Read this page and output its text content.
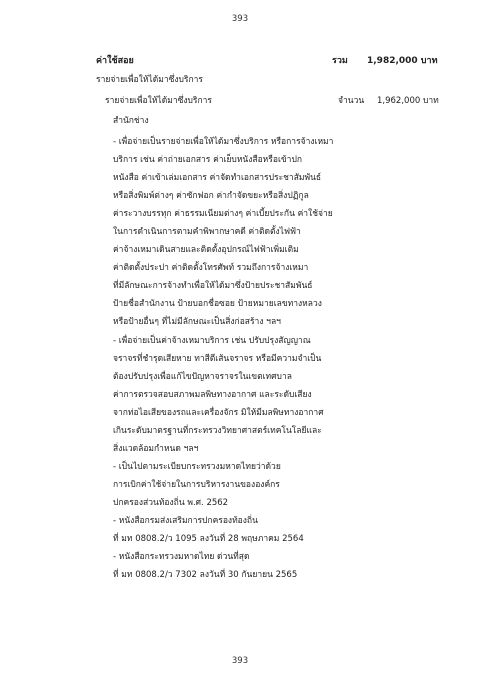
393
ค่าใช้สอย	รวม 1,982,000 บาท
รายจ่ายเพื่อให้ได้มาซึ่งบริการ
รายจ่ายเพื่อให้ได้มาซึ่งบริการ	จำนวน 1,962,000 บาท
สำนักช่าง
- เพื่อจ่ายเป็นรายจ่ายเพื่อให้ได้มาซึ่งบริการ หรือการจ้างเหมา
บริการ เช่น ค่าถ่ายเอกสาร ค่าเย็บหนังสือหรือเข้าปก
หนังสือ ค่าเข้าเล่มเอกสาร ค่าจัดทำเอกสารประชาสัมพันธ์
หรือสิ่งพิมพ์ต่างๆ ค่าซักฟอก ค่ากำจัดขยะหรือสิ่งปฏิกูล
ค่าระวางบรรทุก ค่าธรรมเนียมต่างๆ ค่าเบี้ยประกัน ค่าใช้จ่าย
ในการดำเนินการตามคำพิพากษาคดี ค่าติดตั้งไฟฟ้า
ค่าจ้างเหมาเดินสายและติดตั้งอุปกรณ์ไฟฟ้าเพิ่มเติม
ค่าติดตั้งประปา ค่าติดตั้งโทรศัพท์ รวมถึงการจ้างเหมา
ที่มีลักษณะการจ้างทำเพื่อให้ได้มาซึ่งป้ายประชาสัมพันธ์
ป้ายชื่อสำนักงาน ป้ายบอกชื่อซอย ป้ายหมายเลขทางหลวง
หรือป้ายอื่นๆ ที่ไม่มีลักษณะเป็นสิ่งก่อสร้าง ฯลฯ
- เพื่อจ่ายเป็นค่าจ้างเหมาบริการ เช่น ปรับปรุงสัญญาณ
จราจรที่ชำรุดเสียหาย ทาสีตีเส้นจราจร หรือมีความจำเป็น
ต้องปรับปรุงเพื่อแก้ไขปัญหาจราจรในเขตเทศบาล
ค่าการตรวจสอบสภาพมลพิษทางอากาศ และระดับเสียง
จากท่อไอเสียของรถและเครื่องจักร มิให้มีมลพิษทางอากาศ
เกินระดับมาตรฐานที่กระทรวงวิทยาศาสตร์เทคโนโลยีและ
สิ่งแวดล้อมกำหนด ฯลฯ
- เป็นไปตามระเบียบกระทรวงมหาดไทยว่าด้วย
การเบิกค่าใช้จ่ายในการบริหารงานขององค์กร
ปกครองส่วนท้องถิ่น พ.ศ. 2562
- หนังสือกรมส่งเสริมการปกครองท้องถิ่น
ที่ มท 0808.2/ว 1095 ลงวันที่ 28 พฤษภาคม 2564
- หนังสือกระทรวงมหาดไทย ด่วนที่สุด
ที่ มท 0808.2/ว 7302 ลงวันที่ 30 กันยายน 2565
393
